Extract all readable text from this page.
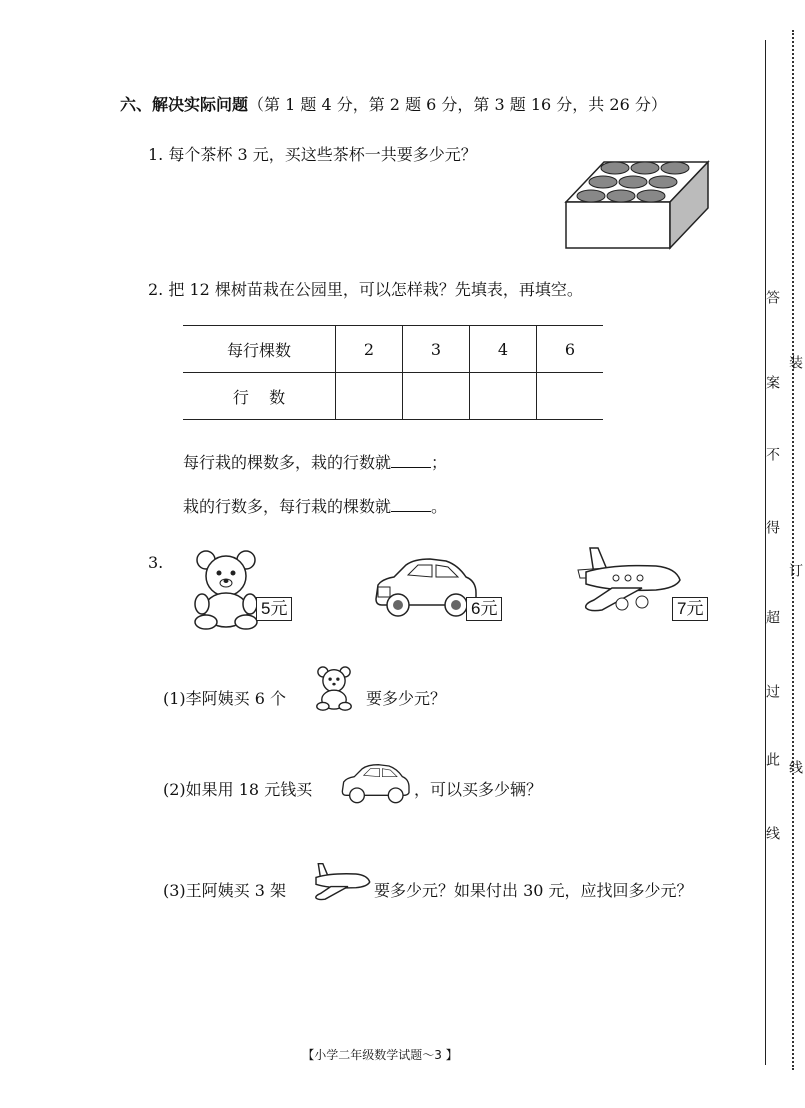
六、解决实际问题（第 1 题 4 分，第 2 题 6 分，第 3 题 16 分，共 26 分）
1. 每个茶杯 3 元，买这些茶杯一共要多少元？
2. 把 12 棵树苗栽在公园里，可以怎样栽？先填表，再填空。
每行棵数	2	3	4	6
行    数				
每行栽的棵数多，栽的行数就	；
栽的行数多，每行栽的棵数就	。
3.
5元	6元	7元
(1)李阿姨买 6 个	要多少元？
(2)如果用 18 元钱买	，可以买多少辆？
(3)王阿姨买 3 架	要多少元？如果付出 30 元，应找回多少元？
答
案
不
得
超
过
此
线
装
订
线
【小学二年级数学试题～3 】
